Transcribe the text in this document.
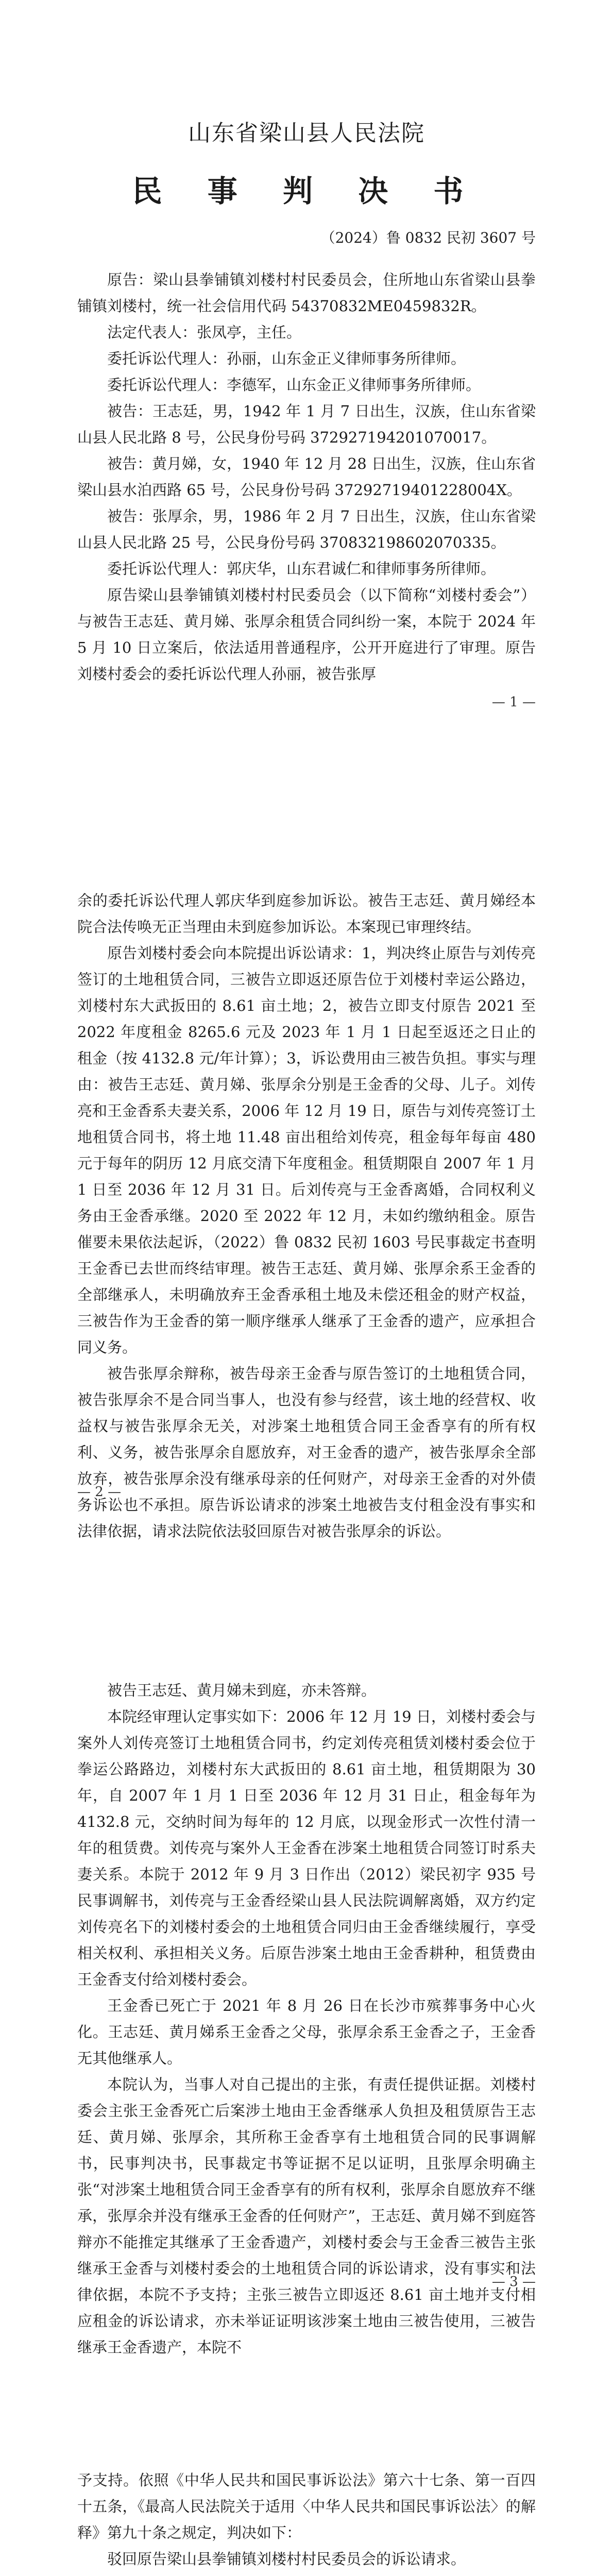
山东省梁山县人民法院
民 事 判 决 书
（2024）鲁 0832 民初 3607 号

原告：梁山县拳铺镇刘楼村村民委员会，住所地山东省梁山县拳铺镇刘楼村，统一社会信用代码 54370832ME0459832R。

法定代表人：张凤亭，主任。

委托诉讼代理人：孙丽，山东金正义律师事务所律师。

委托诉讼代理人：李德军，山东金正义律师事务所律师。

被告：王志廷，男，1942 年 1 月 7 日出生，汉族，住山东省梁山县人民北路 8 号，公民身份号码 372927194201070017。

被告：黄月娣，女，1940 年 12 月 28 日出生，汉族，住山东省梁山县水泊西路 65 号，公民身份号码 37292719401228004X。

被告：张厚余，男，1986 年 2 月 7 日出生，汉族，住山东省梁山县人民北路 25 号，公民身份号码 370832198602070335。

委托诉讼代理人：郭庆华，山东君诚仁和律师事务所律师。

原告梁山县拳铺镇刘楼村村民委员会（以下简称“刘楼村委会”）与被告王志廷、黄月娣、张厚余租赁合同纠纷一案，本院于 2024 年 5 月 10 日立案后，依法适用普通程序，公开开庭进行了审理。原告刘楼村委会的委托诉讼代理人孙丽，被告张厚

— 1 —

余的委托诉讼代理人郭庆华到庭参加诉讼。被告王志廷、黄月娣经本院合法传唤无正当理由未到庭参加诉讼。本案现已审理终结。

原告刘楼村委会向本院提出诉讼请求：1，判决终止原告与刘传亮签订的土地租赁合同，三被告立即返还原告位于刘楼村幸运公路边，刘楼村东大武扳田的 8.61 亩土地；2，被告立即支付原告 2021 至 2022 年度租金 8265.6 元及 2023 年 1 月 1 日起至返还之日止的租金（按 4132.8 元/年计算）；3，诉讼费用由三被告负担。事实与理由：被告王志廷、黄月娣、张厚余分别是王金香的父母、儿子。刘传亮和王金香系夫妻关系，2006 年 12 月 19 日，原告与刘传亮签订土地租赁合同书，将土地 11.48 亩出租给刘传亮，租金每年每亩 480 元于每年的阴历 12 月底交清下年度租金。租赁期限自 2007 年 1 月 1 日至 2036 年 12 月 31 日。后刘传亮与王金香离婚，合同权利义务由王金香承继。2020 至 2022 年 12 月，未如约缴纳租金。原告催要未果依法起诉，（2022）鲁 0832 民初 1603 号民事裁定书查明王金香已去世而终结审理。被告王志廷、黄月娣、张厚余系王金香的全部继承人，未明确放弃王金香承租土地及未偿还租金的财产权益，三被告作为王金香的第一顺序继承人继承了王金香的遗产，应承担合同义务。

被告张厚余辩称，被告母亲王金香与原告签订的土地租赁合同，被告张厚余不是合同当事人，也没有参与经营，该土地的经营权、收益权与被告张厚余无关，对涉案土地租赁合同王金香享有的所有权利、义务，被告张厚余自愿放弃，对王金香的遗产，被告张厚余全部放弃，被告张厚余没有继承母亲的任何财产，对母亲王金香的对外债务诉讼也不承担。原告诉讼请求的涉案土地被告支付租金没有事实和法律依据，请求法院依法驳回原告对被告张厚余的诉讼。

— 2 —

被告王志廷、黄月娣未到庭，亦未答辩。

本院经审理认定事实如下：2006 年 12 月 19 日，刘楼村委会与案外人刘传亮签订土地租赁合同书，约定刘传亮租赁刘楼村委会位于拳运公路路边，刘楼村东大武扳田的 8.61 亩土地，租赁期限为 30 年，自 2007 年 1 月 1 日至 2036 年 12 月 31 日止，租金每年为 4132.8 元，交纳时间为每年的 12 月底，以现金形式一次性付清一年的租赁费。刘传亮与案外人王金香在涉案土地租赁合同签订时系夫妻关系。本院于 2012 年 9 月 3 日作出（2012）梁民初字 935 号民事调解书，刘传亮与王金香经梁山县人民法院调解离婚，双方约定刘传亮名下的刘楼村委会的土地租赁合同归由王金香继续履行，享受相关权利、承担相关义务。后原告涉案土地由王金香耕种，租赁费由王金香支付给刘楼村委会。

王金香已死亡于 2021 年 8 月 26 日在长沙市殡葬事务中心火化。王志廷、黄月娣系王金香之父母，张厚余系王金香之子，王金香无其他继承人。

本院认为，当事人对自己提出的主张，有责任提供证据。刘楼村委会主张王金香死亡后案涉土地由王金香继承人负担及租赁原告王志廷、黄月娣、张厚余，其所称王金香享有土地租赁合同的民事调解书，民事判决书，民事裁定书等证据不足以证明，且张厚余明确主张“对涉案土地租赁合同王金香享有的所有权利，张厚余自愿放弃不继承，张厚余并没有继承王金香的任何财产”，王志廷、黄月娣不到庭答辩亦不能推定其继承了王金香遗产，刘楼村委会与王金香三被告主张继承王金香与刘楼村委会的土地租赁合同的诉讼请求，没有事实和法律依据，本院不予支持；主张三被告立即返还 8.61 亩土地并支付相应租金的诉讼请求，亦未举证证明该涉案土地由三被告使用，三被告继承王金香遗产，本院不

— 3 —

予支持。依照《中华人民共和国民事诉讼法》第六十七条、第一百四十五条，《最高人民法院关于适用〈中华人民共和国民事诉讼法〉的解释》第九十条之规定，判决如下：

驳回原告梁山县拳铺镇刘楼村村民委员会的诉讼请求。
